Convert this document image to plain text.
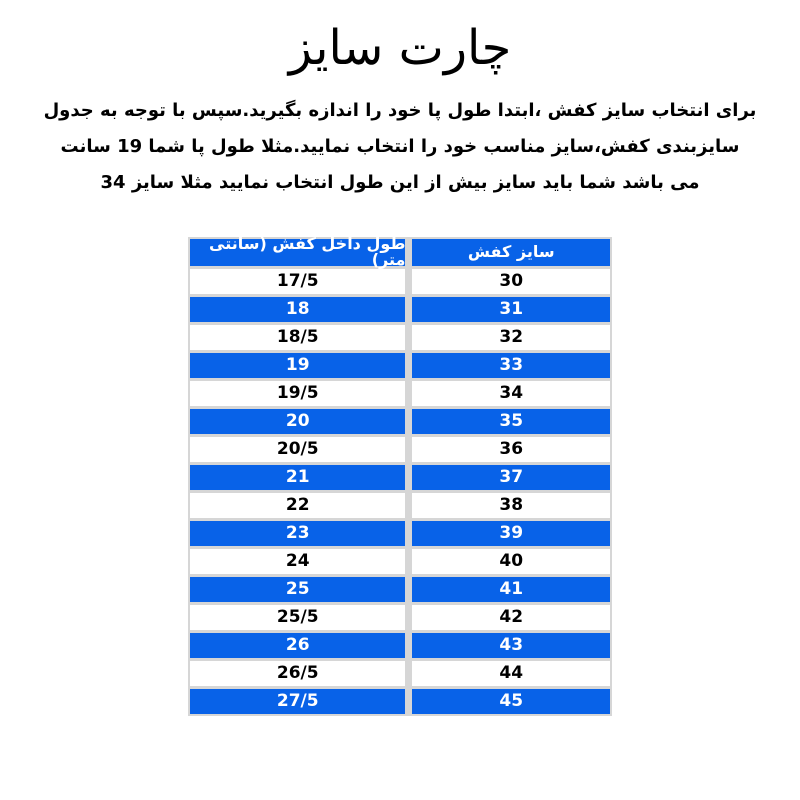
چارت سایز
برای انتخاب سایز کفش ،ابتدا طول پا خود را اندازه بگیرید.سپس با توجه به جدول
سایزبندی کفش،سایز مناسب خود را انتخاب نمایید.مثلا طول پا شما 19 سانت
می باشد شما باید سایز بیش از این طول انتخاب نمایید مثلا سایز 34
سایز کفش
طول داخل کفش (سانتی متر)
30
17/5
31
18
32
18/5
33
19
34
19/5
35
20
36
20/5
37
21
38
22
39
23
40
24
41
25
42
25/5
43
26
44
26/5
45
27/5
